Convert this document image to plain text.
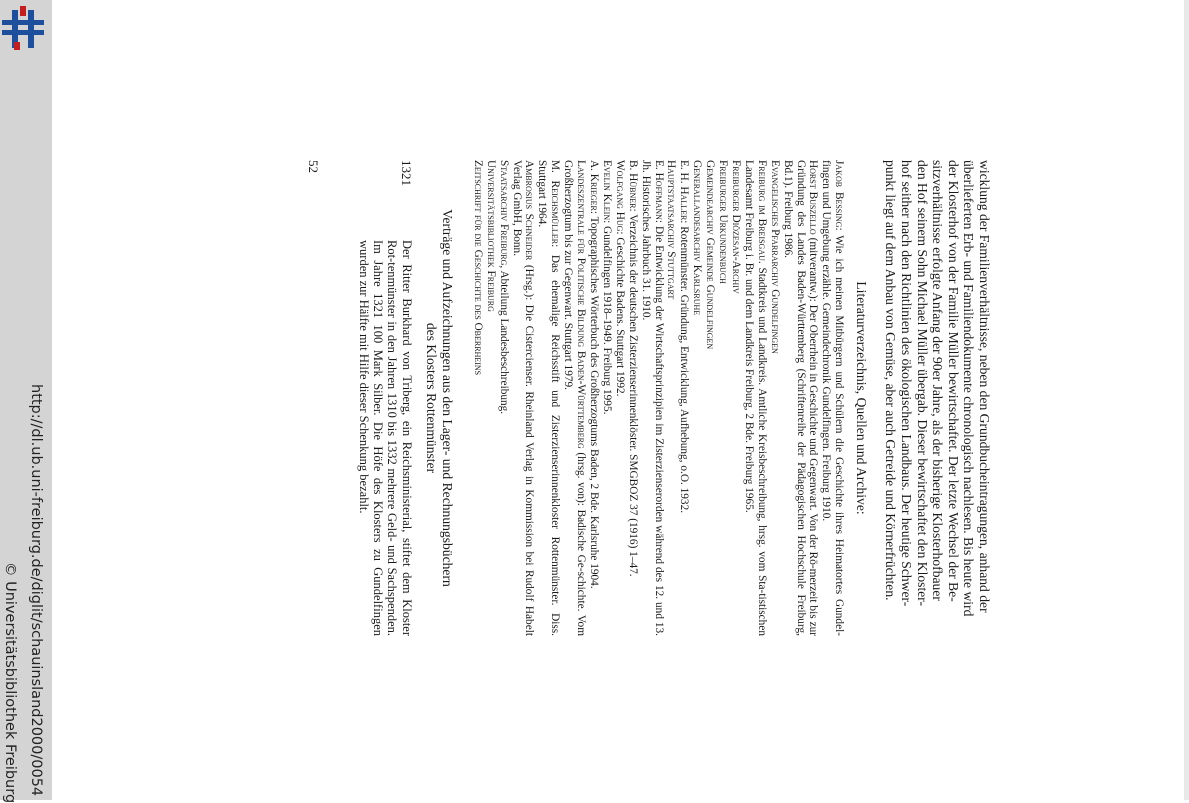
http://dl.ub.uni-freiburg.de/diglit/schauinsland2000/0054
© Universitätsbibliothek Freiburg

wicklung der Familienverhältnisse, neben den Grundbucheintragungen, anhand der

überlieferten Erb- und Familiendokumente chronologisch nachlesen. Bis heute wird

der Klosterhof von der Familie Müller bewirtschaftet. Der letzte Wechsel der Be-

sitzverhältnisse erfolgte Anfang der 90er Jahre, als der bisherige Klosterhofbauer

den Hof seinem Sohn Michael Müller übergab. Dieser bewirtschaftet den Kloster-

hof seither nach den Richtlinien des ökologischen Landbaus. Der heutige Schwer-

punkt liegt auf dem Anbau von Gemüse, aber auch Getreide und Körnerfrüchten.

Literaturverzeichnis, Quellen und Archive:

Jakob Bessing: Wie ich meinen Mitbürgern und Schülern die Geschichte ihres Heimatortes Gundel-fingen und Umgebung erzähle. Gemeindechronik Gundelfingen. Freiburg 1910.

Horst Buszello (mitverantw.): Der Oberrhein in Geschichte und Gegenwart. Von der Rö-merzeit bis zur Gründung des Landes Baden-Württemberg (Schriftenreihe der Pädagogischen Hochschule Freiburg, Bd.1). Freiburg 1986.

Evangelisches Pfarrarchiv Gundelfingen

Freiburg im Breisgau. Stadtkreis und Landkreis. Amtliche Kreisbeschreibung, hrsg. vom Sta-tistischen Landesamt Freiburg i. Br. und dem Landkreis Freiburg, 2 Bde. Freiburg 1965.

Freiburger Diözesan-Archiv

Freiburger Urkundenbuch

Gemeindearchiv Gemeinde Gundelfingen

Generallandesarchiv Karlsruhe

E. H. Haller: Rotenmünster. Gründung, Entwicklung, Aufhebung, o.O. 1932.

Hauptstaatsarchiv Stuttgart

E. Hoffmann: Die Entwicklung der Wirtschaftsprinzipien im Zisterzienserorden während des 12. und 13. Jh. Historisches Jahrbuch 31. 1910.

B. Hübner: Verzeichnis der deutschen Zisterzienserinnenklöster. SMGBOZ 37 (1916) 1–47.

Wolfgang Hug: Geschichte Badens. Stuttgart 1992.

Evelin Klein: Gundelfingen 1918–1949. Freiburg 1995.

A. Krieger: Topographisches Wörterbuch des Großherzogtums Baden, 2 Bde. Karlsruhe 1904.

Landeszentrale für Politische Bildung Baden-Württemberg (hrsg. von): Badische Ge-schichte. Vom Großherzogtum bis zur Gegenwart. Stuttgart 1979.

M. Reichsmüller: Das ehemalige Reichsstift und Zisterzienserinnenkloster Rottenmünster. Diss. Stuttgart 1964.

Ambrosius Schneider (Hrsg.): Die Cistercienser. Rheinland Verlag in Kommission bei Rudolf Habelt Verlag GmbH, Bonn.

Staatsarchiv Freiburg, Abteilung Landesbeschreibung.

Universitätsbibliothek Freiburg

Zeitschrift für die Geschichte des Oberrheins

Verträge und Aufzeichnungen aus den Lager- und Rechnungsbüchern

des Klosters Rottenmünster

1321
Der Ritter Burkhard von Triberg, ein Reichsministerial, stiftet dem Kloster Rot-tenmünster in den Jahren 1310 bis 1332 mehrere Geld- und Sachspenden. Im Jahre 1321 100 Mark Silber. Die Höfe des Klosters zu Gundelfingen wurden zur Hälfte mit Hilfe dieser Schenkung bezahlt.

52
